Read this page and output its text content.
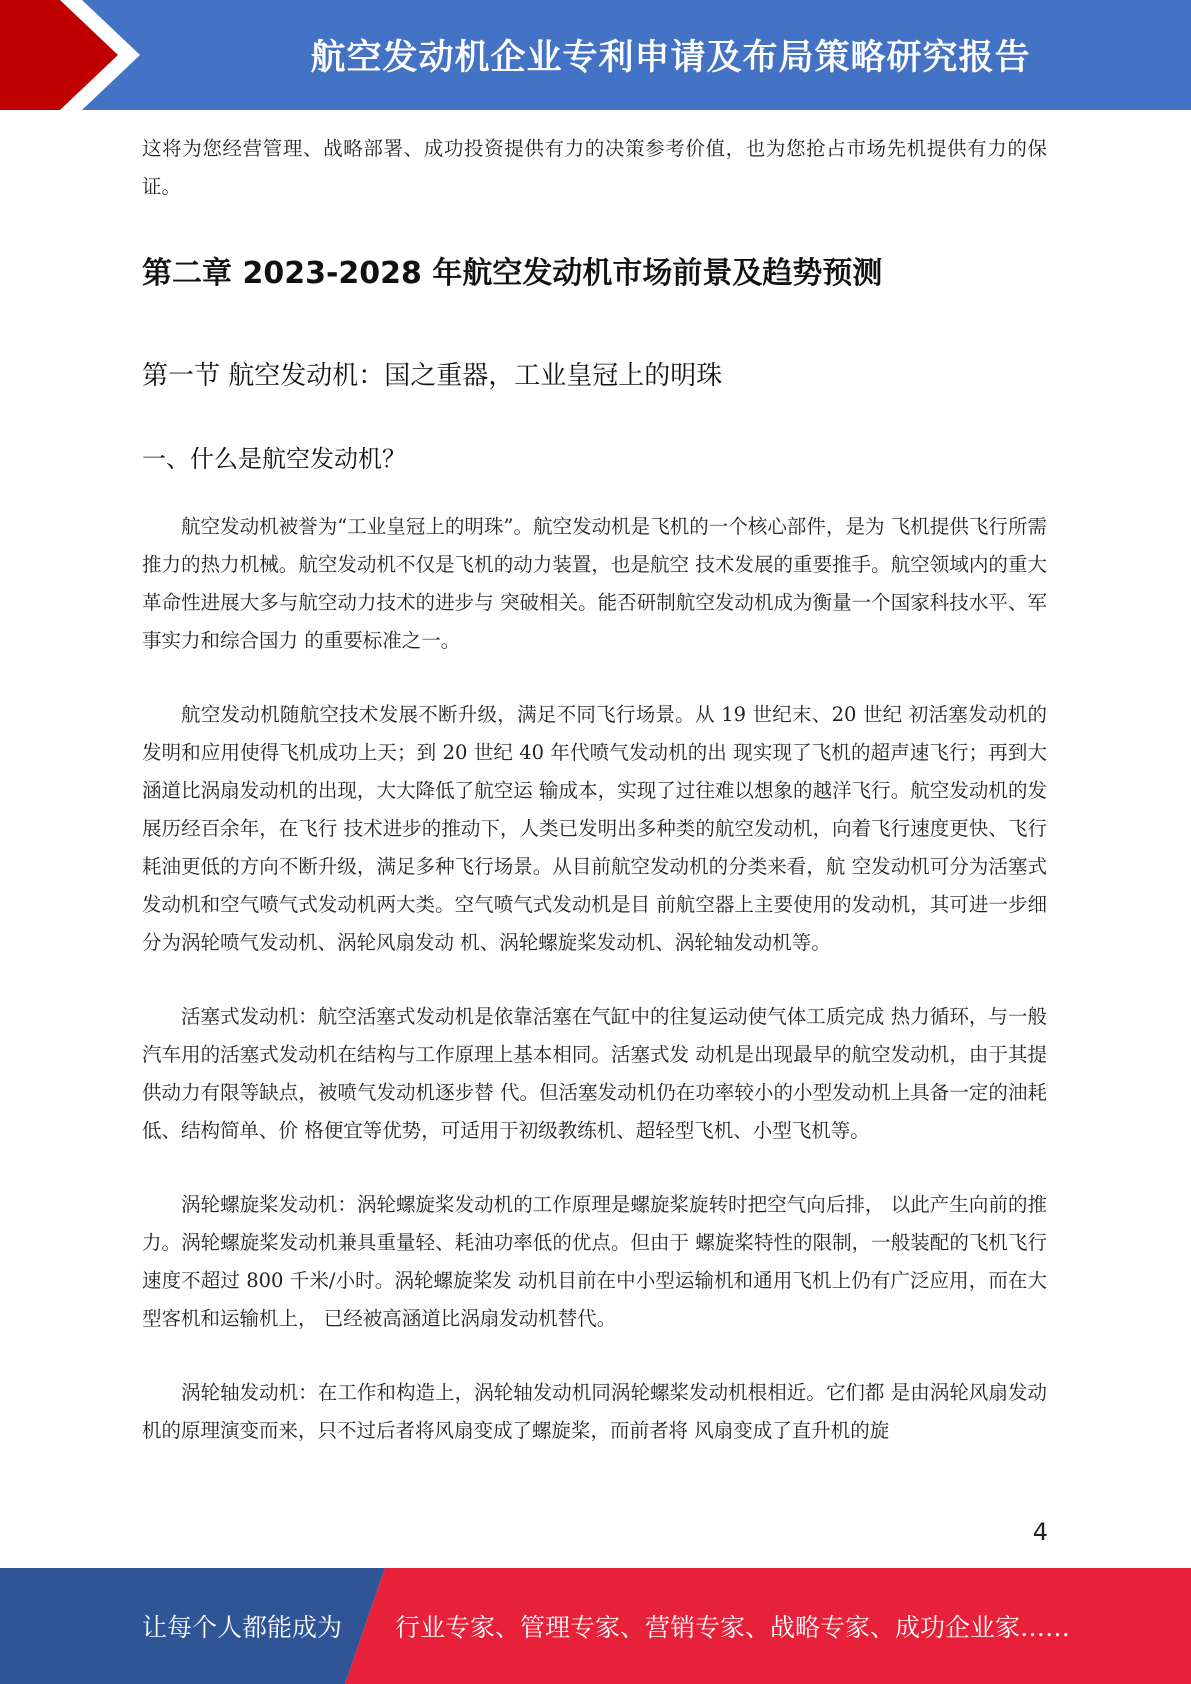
航空发动机企业专利申请及布局策略研究报告

这将为您经营管理、战略部署、成功投资提供有力的决策参考价值，也为您抢占市场先机提供有力的保证。

第二章 2023-2028 年航空发动机市场前景及趋势预测
第一节 航空发动机：国之重器，工业皇冠上的明珠
一、什么是航空发动机？

航空发动机被誉为“工业皇冠上的明珠”。航空发动机是飞机的一个核心部件，是为 飞机提供飞行所需推力的热力机械。航空发动机不仅是飞机的动力装置，也是航空 技术发展的重要推手。航空领域内的重大革命性进展大多与航空动力技术的进步与 突破相关。能否研制航空发动机成为衡量一个国家科技水平、军事实力和综合国力 的重要标准之一。

航空发动机随航空技术发展不断升级，满足不同飞行场景。从 19 世纪末、20 世纪 初活塞发动机的发明和应用使得飞机成功上天；到 20 世纪 40 年代喷气发动机的出 现实现了飞机的超声速飞行；再到大涵道比涡扇发动机的出现，大大降低了航空运 输成本，实现了过往难以想象的越洋飞行。航空发动机的发展历经百余年，在飞行 技术进步的推动下，人类已发明出多种类的航空发动机，向着飞行速度更快、飞行 耗油更低的方向不断升级，满足多种飞行场景。从目前航空发动机的分类来看，航 空发动机可分为活塞式发动机和空气喷气式发动机两大类。空气喷气式发动机是目 前航空器上主要使用的发动机，其可进一步细分为涡轮喷气发动机、涡轮风扇发动 机、涡轮螺旋桨发动机、涡轮轴发动机等。

活塞式发动机：航空活塞式发动机是依靠活塞在气缸中的往复运动使气体工质完成 热力循环，与一般汽车用的活塞式发动机在结构与工作原理上基本相同。活塞式发 动机是出现最早的航空发动机，由于其提供动力有限等缺点，被喷气发动机逐步替 代。但活塞发动机仍在功率较小的小型发动机上具备一定的油耗低、结构简单、价 格便宜等优势，可适用于初级教练机、超轻型飞机、小型飞机等。

涡轮螺旋桨发动机：涡轮螺旋桨发动机的工作原理是螺旋桨旋转时把空气向后排， 以此产生向前的推力。涡轮螺旋桨发动机兼具重量轻、耗油功率低的优点。但由于 螺旋桨特性的限制，一般装配的飞机飞行速度不超过 800 千米/小时。涡轮螺旋桨发 动机目前在中小型运输机和通用飞机上仍有广泛应用，而在大型客机和运输机上， 已经被高涵道比涡扇发动机替代。

涡轮轴发动机：在工作和构造上，涡轮轴发动机同涡轮螺桨发动机根相近。它们都 是由涡轮风扇发动机的原理演变而来，只不过后者将风扇变成了螺旋桨，而前者将 风扇变成了直升机的旋

4
让每个人都能成为 行业专家、管理专家、营销专家、战略专家、成功企业家……
